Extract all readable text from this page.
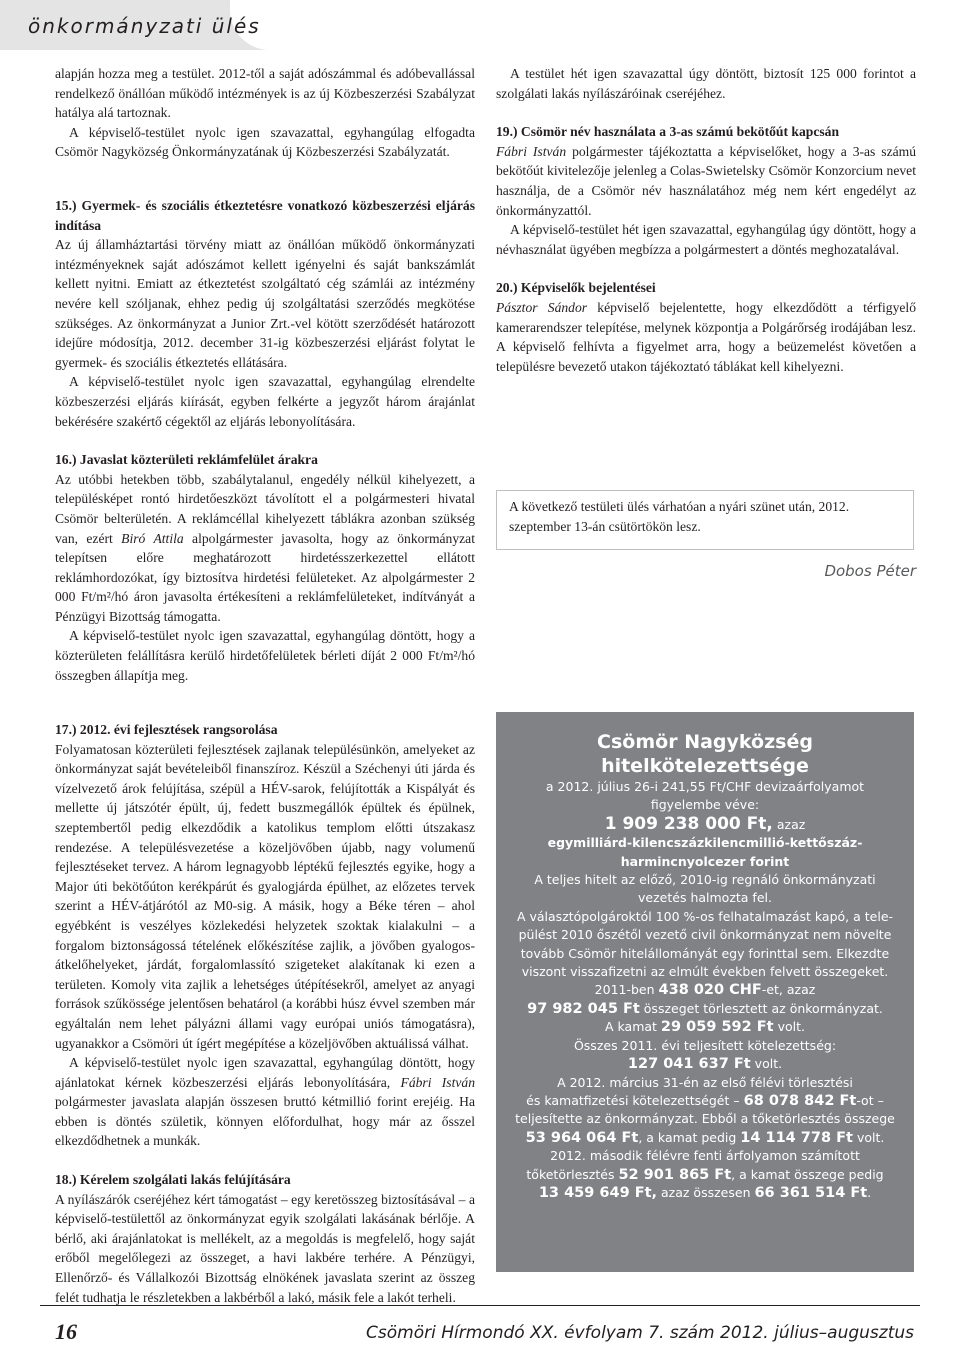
önkormányzati ülés

alapján hozza meg a testület. 2012-től a saját adószámmal és adóbevallással rendelkező önállóan működő intézmények is az új Közbeszerzési Szabályzat hatálya alá tartoznak.

A képviselő-testület nyolc igen szavazattal, egyhangúlag elfogadta Csömör Nagyközség Önkormányzatának új Közbeszerzési Szabályzatát.

15.) Gyermek- és szociális étkeztetésre vonatkozó közbeszerzési eljárás indítása

Az új államháztartási törvény miatt az önállóan működő önkormányzati intézményeknek saját adószámot kellett igényelni és saját bankszámlát kellett nyitni. Emiatt az étkeztetést szolgáltató cég számlái az intézmény nevére kell szóljanak, ehhez pedig új szolgáltatási szerződés megkötése szükséges. Az önkormányzat a Junior Zrt.-vel kötött szerződését határozott idejűre módosítja, 2012. december 31-ig közbeszerzési eljárást folytat le gyermek- és szociális étkeztetés ellátására.

A képviselő-testület nyolc igen szavazattal, egyhangúlag elrendelte közbeszerzési eljárás kiírását, egyben felkérte a jegyzőt három árajánlat bekérésére szakértő cégektől az eljárás lebonyolítására.

16.) Javaslat közterületi reklámfelület árakra

Az utóbbi hetekben több, szabálytalanul, engedély nélkül kihelyezett, a településképet rontó hirdetőeszközt távolított el a polgármesteri hivatal Csömör belterületén. A reklámcéllal kihelyezett táblákra azonban szükség van, ezért Biró Attila alpolgármester javasolta, hogy az önkormányzat telepítsen előre meghatározott hirdetésszerkezettel ellátott reklámhordozókat, így biztosítva hirdetési felületeket. Az alpolgármester 2 000 Ft/m²/hó áron javasolta értékesíteni a reklámfelületeket, indítványát a Pénzügyi Bizottság támogatta.

A képviselő-testület nyolc igen szavazattal, egyhangúlag döntött, hogy a közterületen felállításra kerülő hirdetőfelületek bérleti díját 2 000 Ft/m²/hó összegben állapítja meg.

17.) 2012. évi fejlesztések rangsorolása

Folyamatosan közterületi fejlesztések zajlanak településünkön, amelyeket az önkormányzat saját bevételeiből finanszíroz. Készül a Széchenyi úti járda és vízelvezető árok felújítása, szépül a HÉV-sarok, felújították a Kispályát és mellette új játszótér épült, új, fedett buszmegállók épültek és épülnek, szeptembertől pedig elkezdődik a katolikus templom előtti útszakasz rendezése. A településvezetése a közeljövőben újabb, nagy volumenű fejlesztéseket tervez. A három legnagyobb léptékű fejlesztés egyike, hogy a Major úti bekötőúton kerékpárút és gyalogjárda épülhet, az előzetes tervek szerint a HÉV-átjárótól az M0-sig. A másik, hogy a Béke téren – ahol egyébként is veszélyes közlekedési helyzetek szoktak kialakulni – a forgalom biztonságossá tételének előkészítése zajlik, a jövőben gyalogos-átkelőhelyeket, járdát, forgalomlassító szigeteket alakítanak ki ezen a területen. Komoly vita zajlik a lehetséges útépítésekről, amelyet az anyagi források szűkössége jelentősen behatárol (a korábbi húsz évvel szemben már egyáltalán nem lehet pályázni állami vagy európai uniós támogatásra), ugyanakkor a Csömöri út ígért megépítése a közeljövőben aktuálissá válhat.

A képviselő-testület nyolc igen szavazattal, egyhangúlag döntött, hogy ajánlatokat kérnek közbeszerzési eljárás lebonyolítására, Fábri István polgármester javaslata alapján összesen bruttó kétmillió forint erejéig. Ha ebben is döntés születik, könnyen előfordulhat, hogy már az ősszel elkezdődhetnek a munkák.

18.) Kérelem szolgálati lakás felújítására

A nyílászárók cseréjéhez kért támogatást – egy keretösszeg biztosításával – a képviselő-testülettől az önkormányzat egyik szolgálati lakásának bérlője. A bérlő, aki árajánlatokat is mellékelt, az a megoldás is megfelelő, hogy saját erőből megelőlegezi az összeget, a havi lakbére terhére. A Pénzügyi, Ellenőrző- és Vállalkozói Bizottság elnökének javaslata szerint az összeg felét tudhatja le részletekben a lakbérből a lakó, másik fele a lakót terheli.

A testület hét igen szavazattal úgy döntött, biztosít 125 000 forintot a szolgálati lakás nyílászáróinak cseréjéhez.

19.) Csömör név használata a 3-as számú bekötőút kapcsán

Fábri István polgármester tájékoztatta a képviselőket, hogy a 3-as számú bekötőút kivitelezője jelenleg a Colas-Swietelsky Csömör Konzorcium nevet használja, de a Csömör név használatához még nem kért engedélyt az önkormányzattól.

A képviselő-testület hét igen szavazattal, egyhangúlag úgy döntött, hogy a névhasználat ügyében megbízza a polgármestert a döntés meghozatalával.

20.) Képviselők bejelentései

Pásztor Sándor képviselő bejelentette, hogy elkezdődött a térfigyelő kamerarendszer telepítése, melynek központja a Polgárőrség irodájában lesz. A képviselő felhívta a figyelmet arra, hogy a beüzemelést követően a településre bevezető utakon tájékoztató táblákat kell kihelyezni.

A következő testületi ülés várhatóan a nyári szünet után, 2012. szeptember 13-án csütörtökön lesz.
Dobos Péter
Csömör Nagyközség
hitelkötelezettsége
a 2012. július 26-i 241,55 Ft/CHF devizaárfolyamot
figyelembe véve:
1 909 238 000 Ft, azaz
egymilliárd-kilencszázkilencmillió-kettőszáz-
harmincnyolcezer forint
A teljes hitelt az előző, 2010-ig regnáló önkormányzati
vezetés halmozta fel.
A választópolgároktól 100 %-os felhatalmazást kapó, a tele-
pülést 2010 őszétől vezető civil önkormányzat nem növelte
tovább Csömör hitelállományát egy forinttal sem. Elkezdte
viszont visszafizetni az elmúlt években felvett összegeket.
2011-ben 438 020 CHF-et, azaz
97 982 045 Ft összeget törlesztett az önkormányzat.
A kamat 29 059 592 Ft volt.
Összes 2011. évi teljesített kötelezettség:
127 041 637 Ft volt.
A 2012. március 31-én az első félévi törlesztési
és kamatfizetési kötelezettségét – 68 078 842 Ft-ot –
teljesítette az önkormányzat. Ebből a tőketörlesztés összege
53 964 064 Ft, a kamat pedig 14 114 778 Ft volt.
2012. második félévre fenti árfolyamon számított
tőketörlesztés 52 901 865 Ft, a kamat összege pedig
13 459 649 Ft, azaz összesen 66 361 514 Ft.
16	Csömöri Hírmondó XX. évfolyam 7. szám 2012. július–augusztus
